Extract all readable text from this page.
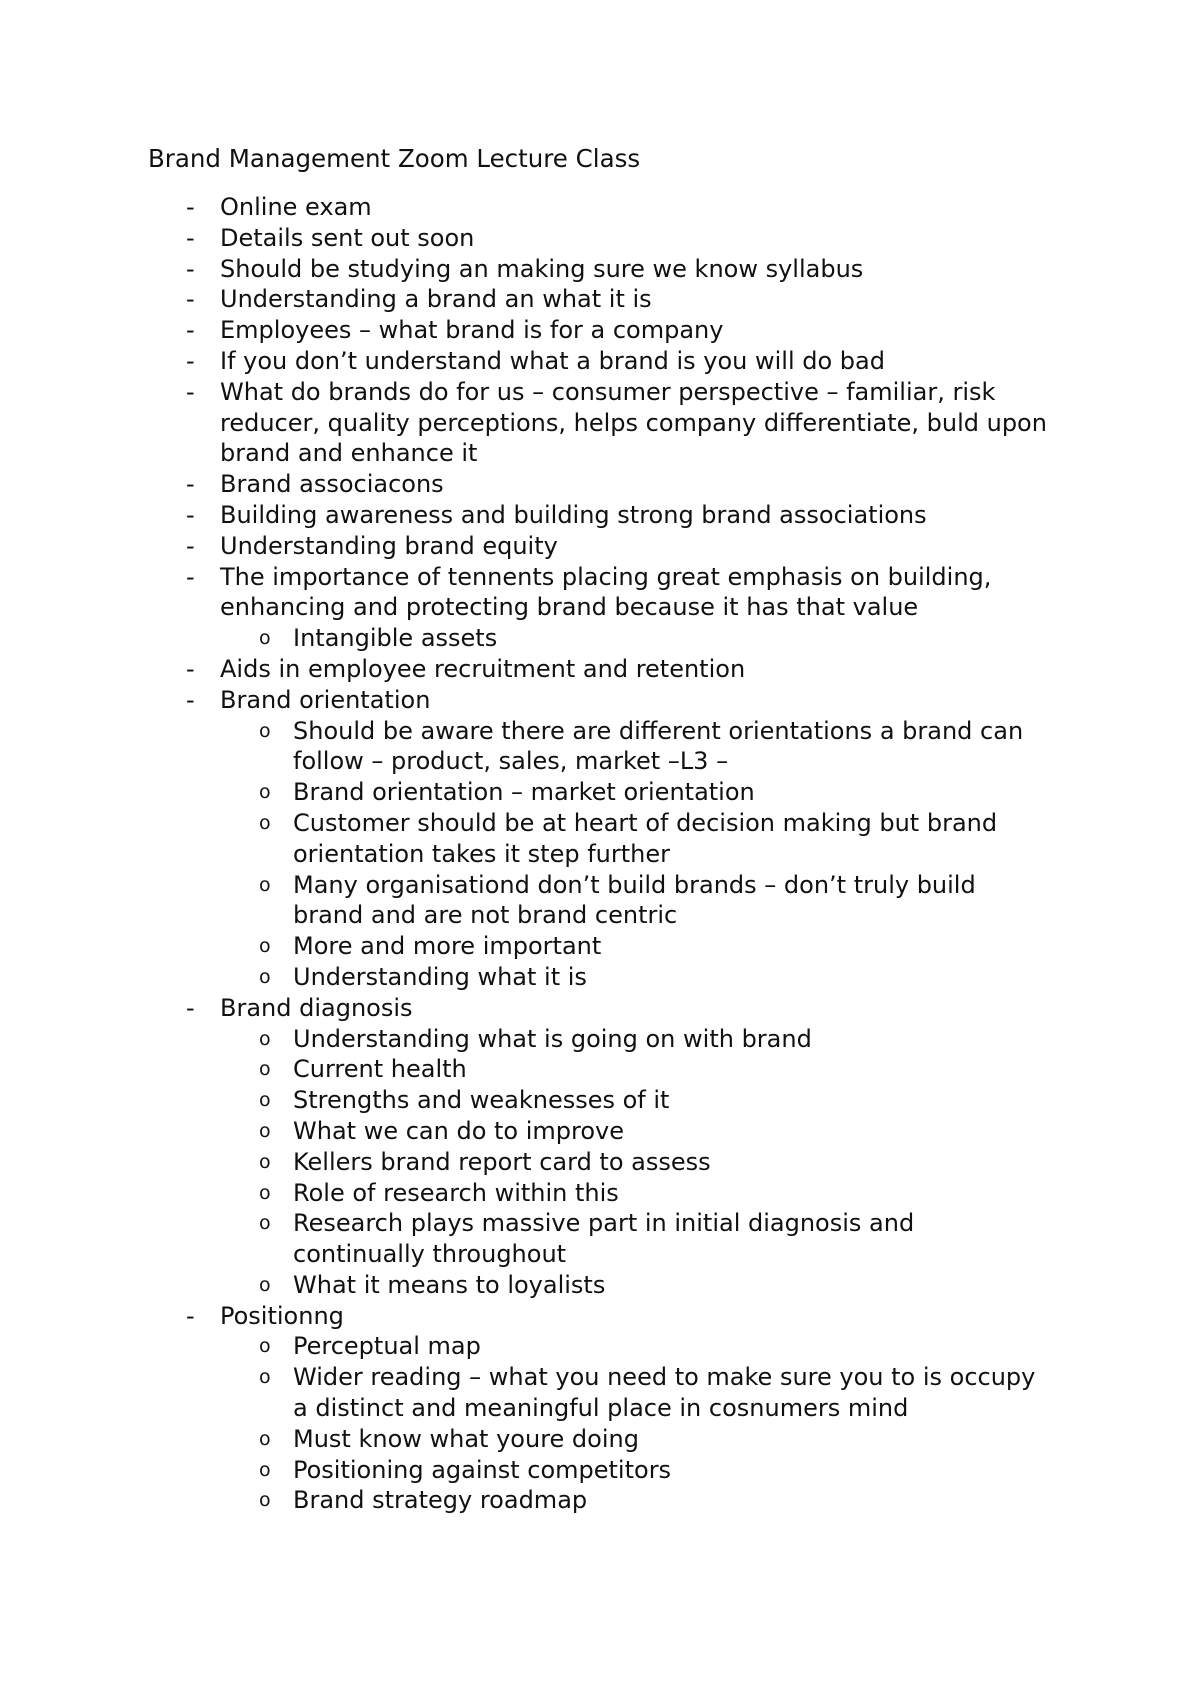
Brand Management Zoom Lecture Class
- Online exam
- Details sent out soon
- Should be studying an making sure we know syllabus
- Understanding a brand an what it is
- Employees – what brand is for a company
- If you don’t understand what a brand is you will do bad
- What do brands do for us – consumer perspective – familiar, risk
reducer, quality perceptions, helps company differentiate, buld upon
brand and enhance it
- Brand associacons
- Building awareness and building strong brand associations
- Understanding brand equity
- The importance of tennents placing great emphasis on building,
enhancing and protecting brand because it has that value
o Intangible assets
- Aids in employee recruitment and retention
- Brand orientation
o Should be aware there are different orientations a brand can
follow – product, sales, market –L3 –
o Brand orientation – market orientation
o Customer should be at heart of decision making but brand
orientation takes it step further
o Many organisationd don’t build brands – don’t truly build
brand and are not brand centric
o More and more important
o Understanding what it is
- Brand diagnosis
o Understanding what is going on with brand
o Current health
o Strengths and weaknesses of it
o What we can do to improve
o Kellers brand report card to assess
o Role of research within this
o Research plays massive part in initial diagnosis and
continually throughout
o What it means to loyalists
- Positionng
o Perceptual map
o Wider reading – what you need to make sure you to is occupy
a distinct and meaningful place in cosnumers mind
o Must know what youre doing
o Positioning against competitors
o Brand strategy roadmap
